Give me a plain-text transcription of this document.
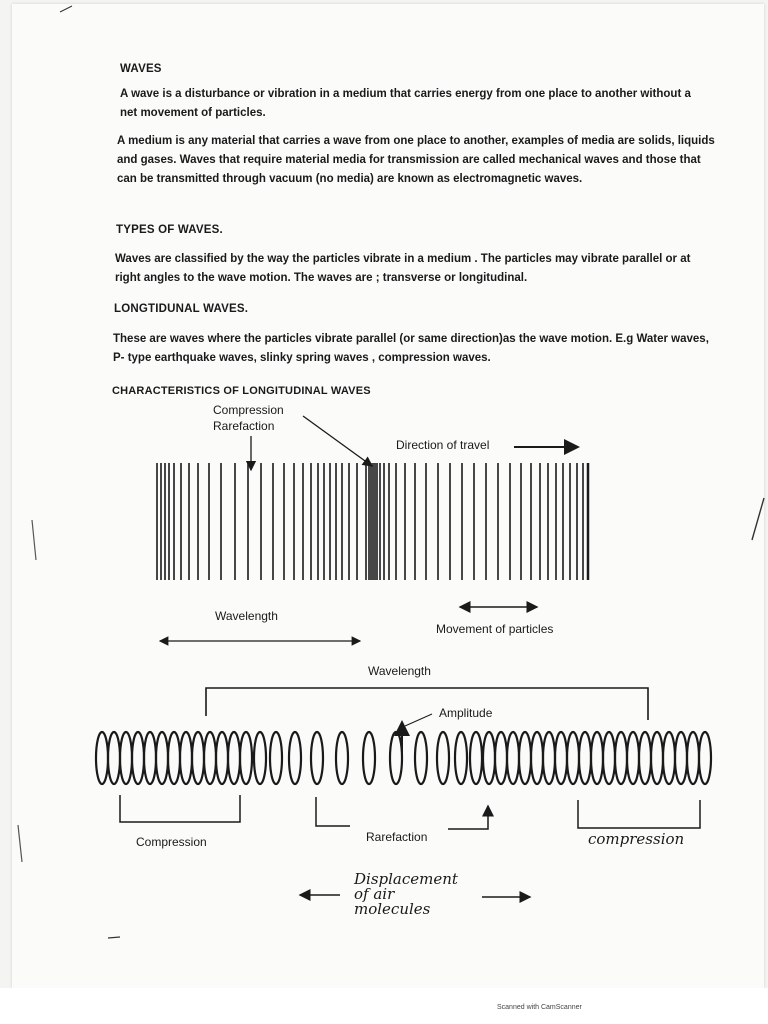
WAVES
A wave is a disturbance or vibration in a medium that carries energy from one place to another without a net movement of particles.
A medium is any material that carries a wave from one place to another, examples of media are solids, liquids and gases. Waves that require material media for transmission are called mechanical waves and those that can be transmitted through vacuum (no media) are known as electromagnetic waves.
TYPES OF WAVES.
Waves are classified by the way the particles vibrate in a medium . The particles may vibrate parallel or at right angles to the wave motion. The waves are ; transverse or longitudinal.
LONGTIDUNAL WAVES.
These are waves where the particles vibrate parallel (or same direction)as the wave motion. E.g Water waves, P- type earthquake waves, slinky spring waves , compression waves.
CHARACTERISTICS OF LONGITUDINAL WAVES
Compression
Rarefaction
Direction of travel
Wavelength
Movement of particles
Wavelength
Amplitude
Compression	Rarefaction	compression
Displacement
of air
molecules
Scanned with CamScanner
